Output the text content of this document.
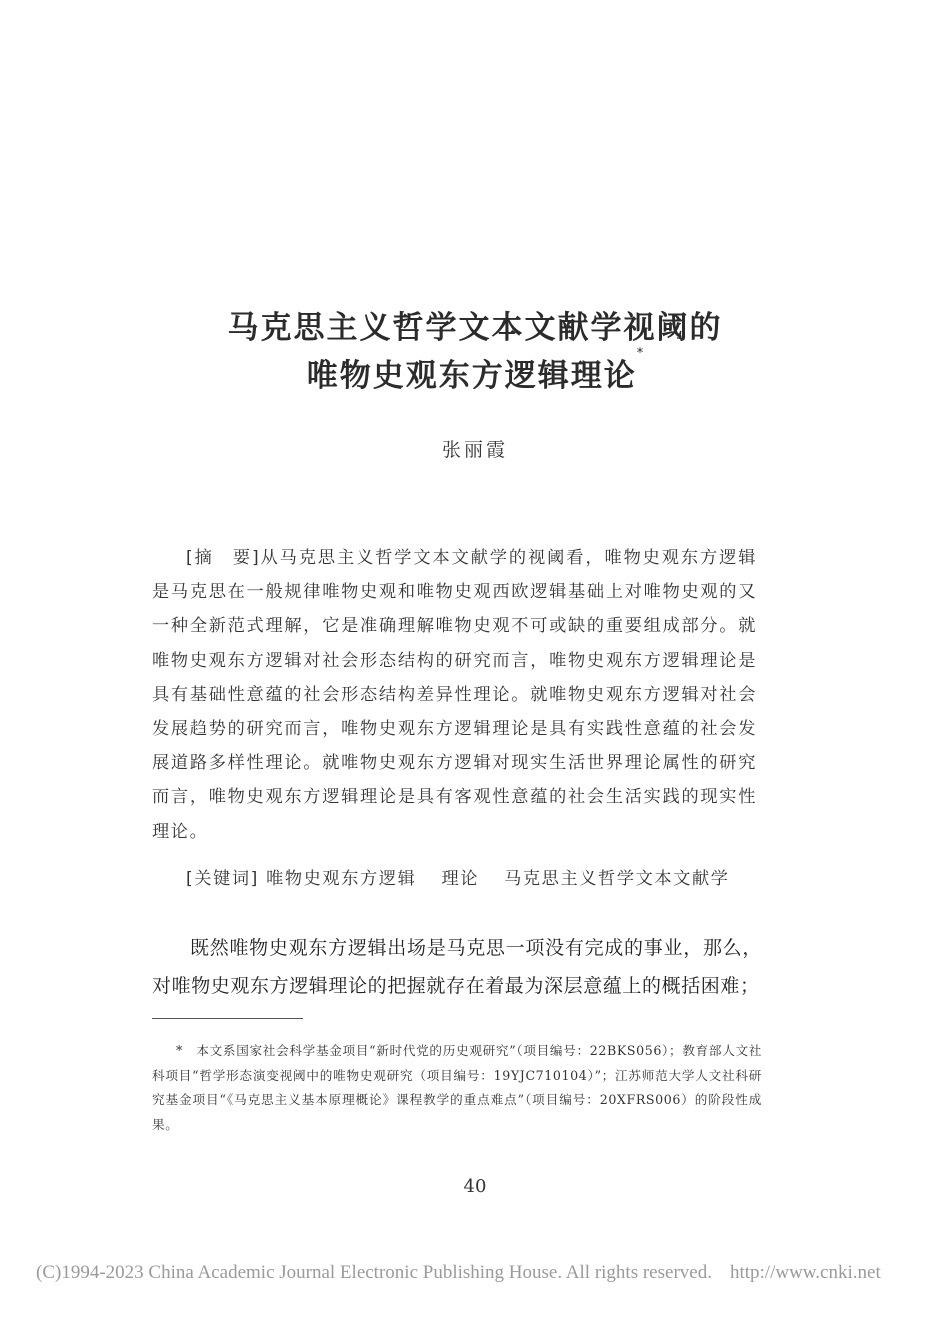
马克思主义哲学文本文献学视阈的
唯物史观东方逻辑理论*
张丽霞
[摘　要]从马克思主义哲学文本文献学的视阈看，唯物史观东方逻辑是马克思在一般规律唯物史观和唯物史观西欧逻辑基础上对唯物史观的又一种全新范式理解，它是准确理解唯物史观不可或缺的重要组成部分。就唯物史观东方逻辑对社会形态结构的研究而言，唯物史观东方逻辑理论是具有基础性意蕴的社会形态结构差异性理论。就唯物史观东方逻辑对社会发展趋势的研究而言，唯物史观东方逻辑理论是具有实践性意蕴的社会发展道路多样性理论。就唯物史观东方逻辑对现实生活世界理论属性的研究而言，唯物史观东方逻辑理论是具有客观性意蕴的社会生活实践的现实性理论。
[关键词] 唯物史观东方逻辑 理论 马克思主义哲学文本文献学
既然唯物史观东方逻辑出场是马克思一项没有完成的事业，那么，对唯物史观东方逻辑理论的把握就存在着最为深层意蕴上的概括困难；
*　 本文系国家社会科学基金项目“新时代党的历史观研究”（项目编号：22BKS056）；教育部人文社科项目“哲学形态演变视阈中的唯物史观研究（项目编号：19YJC710104）”；江苏师范大学人文社科研究基金项目“《马克思主义基本原理概论》课程教学的重点难点”（项目编号：20XFRS006）的阶段性成果。
40
(C)1994-2023 China Academic Journal Electronic Publishing House. All rights reserved. http://www.cnki.net
